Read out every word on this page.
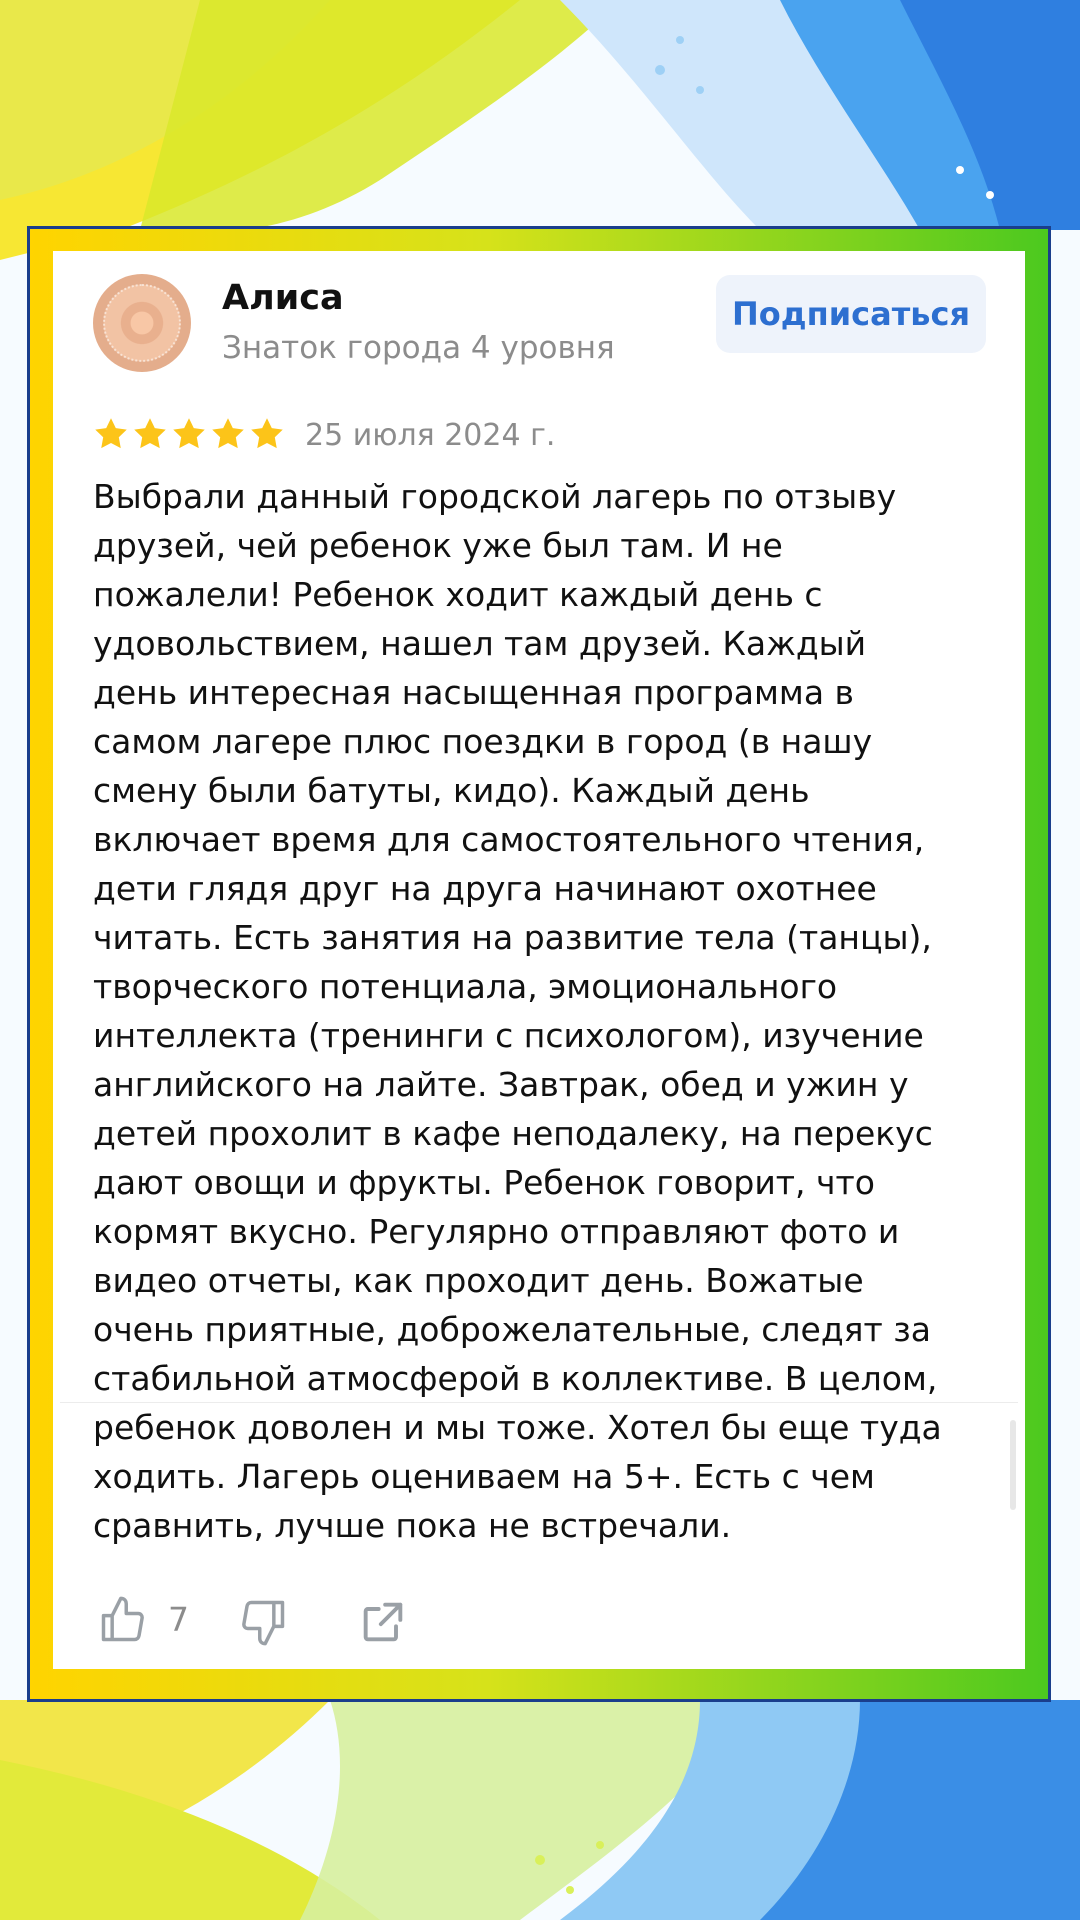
Алиса
Знаток города 4 уровня
Подписаться
25 июля 2024 г.
Выбрали данный городской лагерь по отзыву
друзей, чей ребенок уже был там. И не
пожалели! Ребенок ходит каждый день с
удовольствием, нашел там друзей. Каждый
день интересная насыщенная программа в
самом лагере плюс поездки в город (в нашу
смену были батуты, кидо). Каждый день
включает время для самостоятельного чтения,
дети глядя друг на друга начинают охотнее
читать. Есть занятия на развитие тела (танцы),
творческого потенциала, эмоционального
интеллекта (тренинги с психологом), изучение
английского на лайте. Завтрак, обед и ужин у
детей прохолит в кафе неподалеку, на перекус
дают овощи и фрукты. Ребенок говорит, что
кормят вкусно. Регулярно отправляют фото и
видео отчеты, как проходит день. Вожатые
очень приятные, доброжелательные, следят за
стабильной атмосферой в коллективе. В целом,
ребенок доволен и мы тоже. Хотел бы еще туда
ходить. Лагерь оцениваем на 5+. Есть с чем
сравнить, лучше пока не встречали.
7
